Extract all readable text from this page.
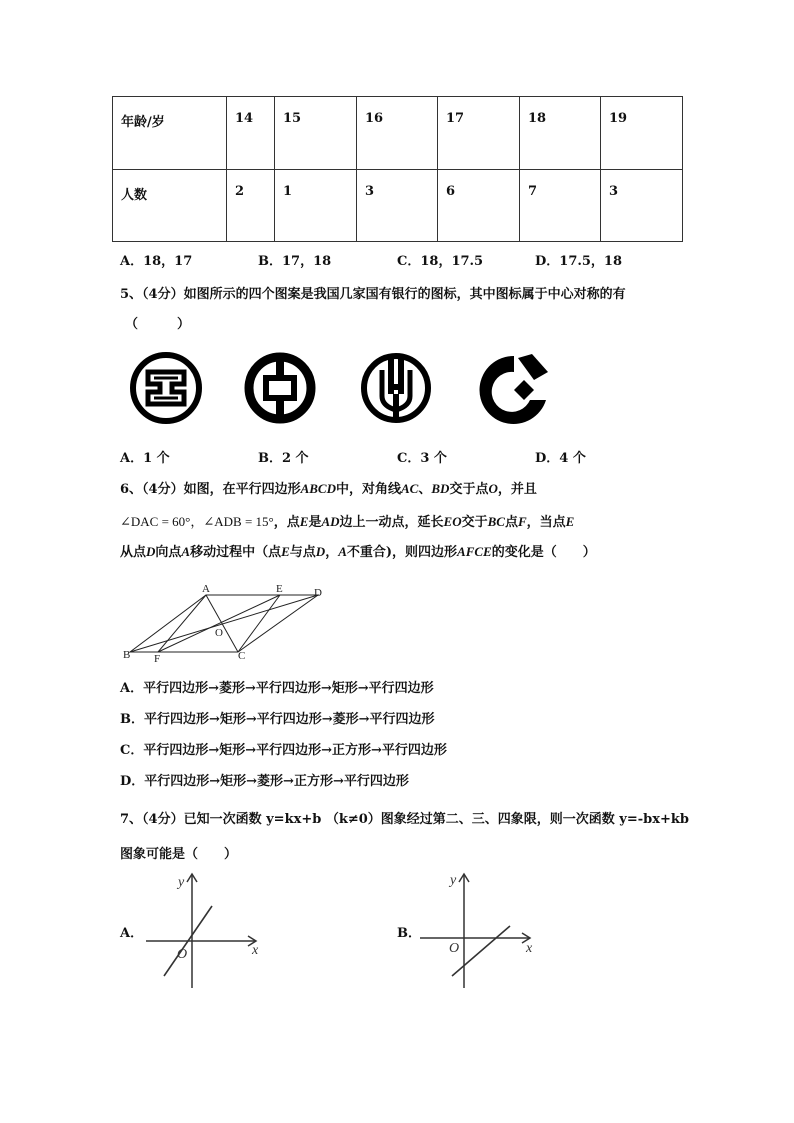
年龄/岁	14	15	16	17	18	19
人数	2	1	3	6	7	3
A．18，17	B．17，18	C．18，17.5	D．17.5，18
5、（4分）如图所示的四个图案是我国几家国有银行的图标，其中图标属于中心对称的有
（　　　）
A．1 个	B．2 个	C．3 个	D．4 个
6、（4分）如图，在平行四边形ABCD中，对角线AC、BD交于点O，并且
∠DAC = 60°，∠ADB = 15°，点E是AD边上一动点，延长EO交于BC点F，当点E
从点D向点A移动过程中（点E与点D，A不重合)，则四边形AFCE的变化是（　　）
A	E	D
O
B F	C
A．平行四边形→菱形→平行四边形→矩形→平行四边形
B．平行四边形→矩形→平行四边形→菱形→平行四边形
C．平行四边形→矩形→平行四边形→正方形→平行四边形
D．平行四边形→矩形→菱形→正方形→平行四边形
7、（4分）已知一次函数 y=kx+b （k≠0）图象经过第二、三、四象限，则一次函数 y=-bx+kb
图象可能是（　　）
A．
y
x
O
B．
y
x
O
